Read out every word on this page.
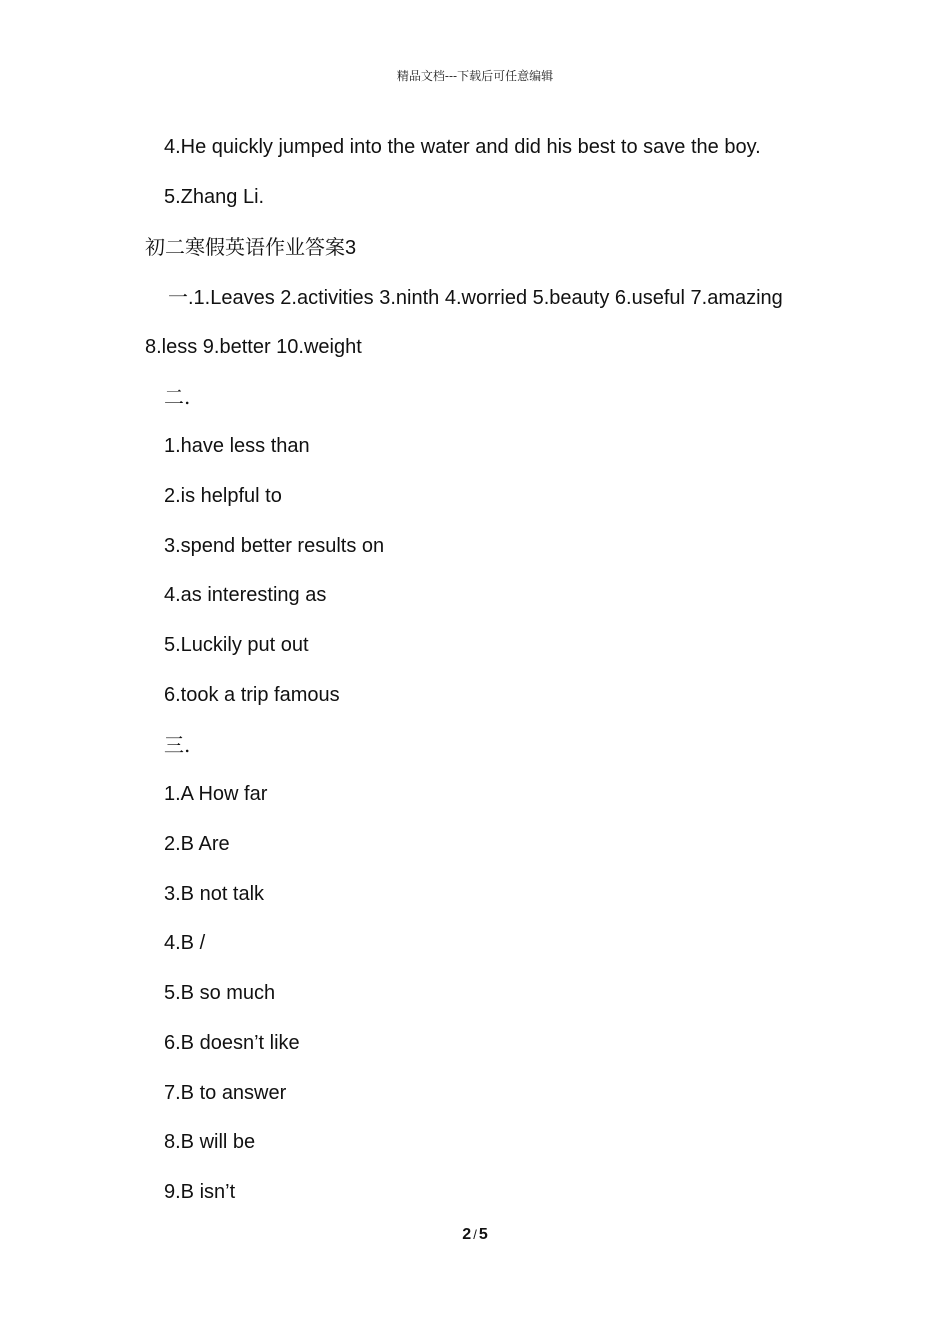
精品文档---下载后可任意编辑
4.He quickly jumped into the water and did his best to save the boy.
5.Zhang Li.
初二寒假英语作业答案3
一.1.Leaves 2.activities 3.ninth 4.worried 5.beauty 6.useful 7.amazing
8.less 9.better 10.weight
二.
1.have less than
2.is helpful to
3.spend better results on
4.as interesting as
5.Luckily put out
6.took a trip famous
三.
1.A How far
2.B Are
3.B not talk
4.B /
5.B so much
6.B doesn’t like
7.B to answer
8.B will be
9.B isn’t
2 / 5
